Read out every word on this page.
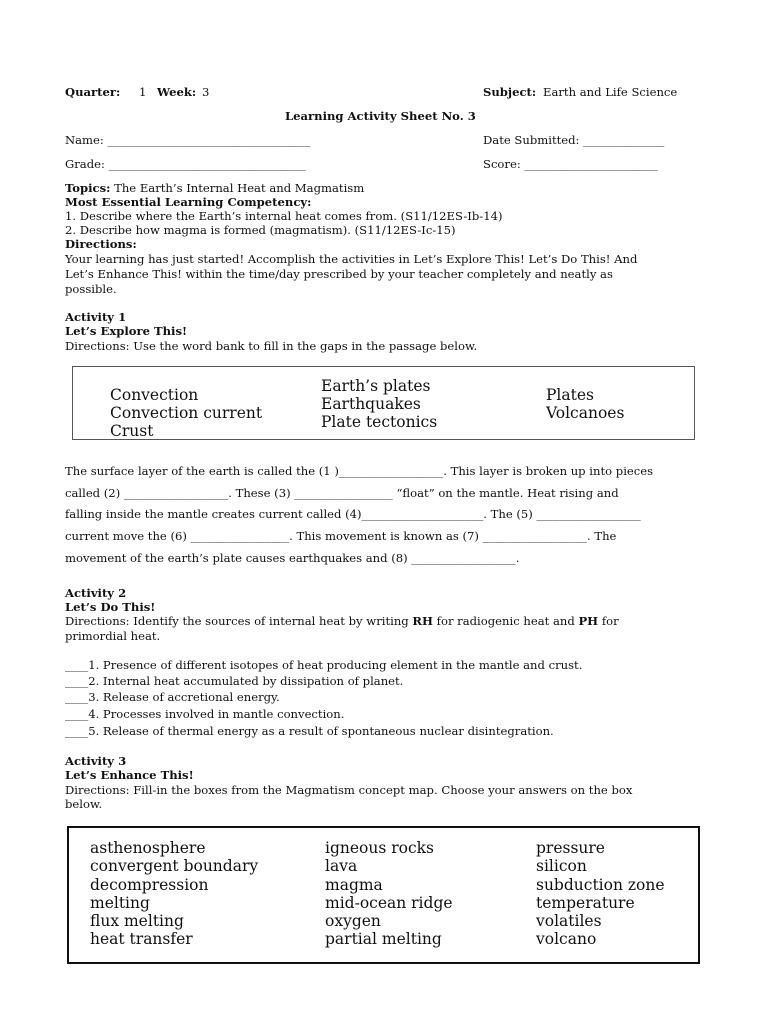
Quarter: 1 Week: 3	Subject: Earth and Life Science
Learning Activity Sheet No. 3
Name: ___________________________________	Date Submitted: ______________
Grade: __________________________________	Score: _______________________
Topics: The Earth’s Internal Heat and Magmatism
Most Essential Learning Competency:
1. Describe where the Earth’s internal heat comes from. (S11/12ES-Ib-14)
2. Describe how magma is formed (magmatism). (S11/12ES-Ic-15)
Directions:
Your learning has just started! Accomplish the activities in Let’s Explore This! Let’s Do This! And
Let’s Enhance This! within the time/day prescribed by your teacher completely and neatly as
possible.
Activity 1
Let’s Explore This!
Directions: Use the word bank to fill in the gaps in the passage below.
Convection
Convection current
Crust
Earth’s plates
Earthquakes
Plate tectonics
Plates
Volcanoes
The surface layer of the earth is called the (1 )__________________. This layer is broken up into pieces
called (2) __________________. These (3) _________________ “float” on the mantle. Heat rising and
falling inside the mantle creates current called (4)_____________________. The (5) __________________
current move the (6) _________________. This movement is known as (7) __________________. The
movement of the earth’s plate causes earthquakes and (8) __________________.
Activity 2
Let’s Do This!
Directions: Identify the sources of internal heat by writing RH for radiogenic heat and PH for
primordial heat.
____1. Presence of different isotopes of heat producing element in the mantle and crust.
____2. Internal heat accumulated by dissipation of planet.
____3. Release of accretional energy.
____4. Processes involved in mantle convection.
____5. Release of thermal energy as a result of spontaneous nuclear disintegration.
Activity 3
Let’s Enhance This!
Directions: Fill-in the boxes from the Magmatism concept map. Choose your answers on the box
below.
asthenosphere
convergent boundary
decompression
melting
flux melting
heat transfer
igneous rocks
lava
magma
mid-ocean ridge
oxygen
partial melting
pressure
silicon
subduction zone
temperature
volatiles
volcano
